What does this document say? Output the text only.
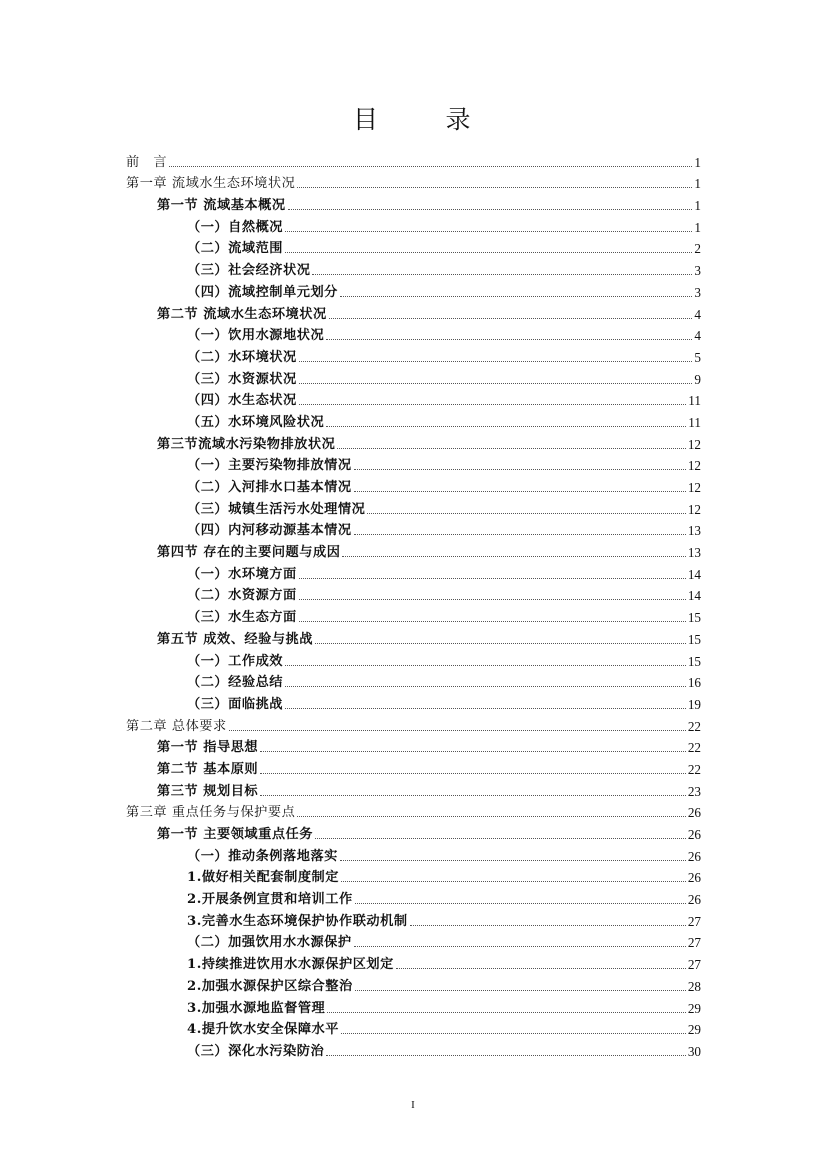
目	录
前　言	1
第一章 流域水生态环境状况	1
第一节 流域基本概况	1
（一）自然概况	1
（二）流域范围	2
（三）社会经济状况	3
（四）流域控制单元划分	3
第二节 流域水生态环境状况	4
（一）饮用水源地状况	4
（二）水环境状况	5
（三）水资源状况	9
（四）水生态状况	11
（五）水环境风险状况	11
第三节流域水污染物排放状况	12
（一）主要污染物排放情况	12
（二）入河排水口基本情况	12
（三）城镇生活污水处理情况	12
（四）内河移动源基本情况	13
第四节 存在的主要问题与成因	13
（一）水环境方面	14
（二）水资源方面	14
（三）水生态方面	15
第五节 成效、经验与挑战	15
（一）工作成效	15
（二）经验总结	16
（三）面临挑战	19
第二章 总体要求	22
第一节 指导思想	22
第二节 基本原则	22
第三节 规划目标	23
第三章 重点任务与保护要点	26
第一节 主要领域重点任务	26
（一）推动条例落地落实	26
1.做好相关配套制度制定	26
2.开展条例宣贯和培训工作	26
3.完善水生态环境保护协作联动机制	27
（二）加强饮用水水源保护	27
1.持续推进饮用水水源保护区划定	27
2.加强水源保护区综合整治	28
3.加强水源地监督管理	29
4.提升饮水安全保障水平	29
（三）深化水污染防治	30
I
